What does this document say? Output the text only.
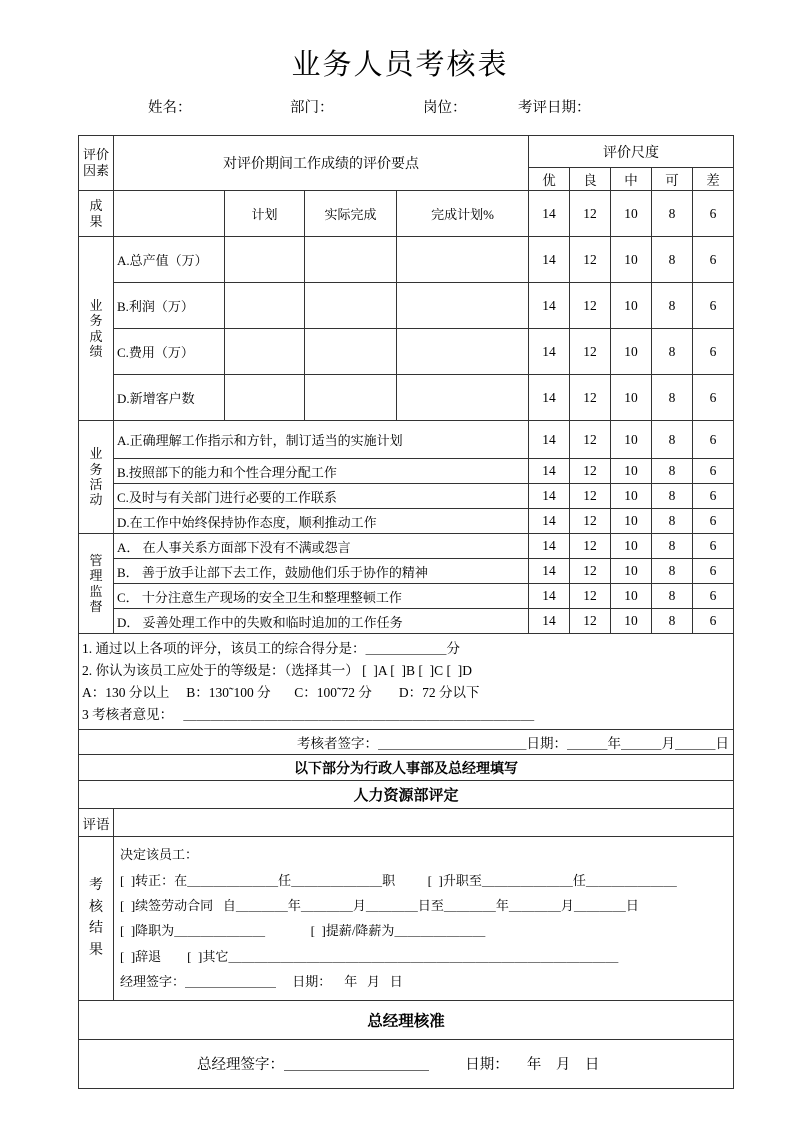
业务人员考核表
姓名：	部门：	岗位：	考评日期：
评价因素	对评价期间工作成绩的评价要点				评价尺度				
					优	良	中	可	差

成
果		计划	实际完成	完成计划%	14	12	10	8	6

业
务
成
绩	A.总产值（万）				14	12	10	8	6
	B.利润（万）				14	12	10	8	6
	C.费用（万）				14	12	10	8	6
	D.新增客户数				14	12	10	8	6

业
务
活
动	A.正确理解工作指示和方针，制订适当的实施计划				14	12	10	8	6
	B.按照部下的能力和个性合理分配工作				14	12	10	8	6
	C.及时与有关部门进行必要的工作联系				14	12	10	8	6
	D.在工作中始终保持协作态度，顺利推动工作				14	12	10	8	6

管
理
监
督	A． 在人事关系方面部下没有不满或怨言				14	12	10	8	6
	B． 善于放手让部下去工作，鼓励他们乐于协作的精神				14	12	10	8	6
	C． 十分注意生产现场的安全卫生和整理整顿工作				14	12	10	8	6
	D． 妥善处理工作中的失败和临时追加的工作任务				14	12	10	8	6

1. 通过以上各项的评分，该员工的综合得分是：＿＿＿＿＿＿分
2. 你认为该员工应处于的等级是：（选择其一） [  ]A [  ]B [  ]C [  ]D
A：130 分以上     B：130˜100 分       C：100˜72 分        D：72 分以下
3 考核者意见：   ＿＿＿＿＿＿＿＿＿＿＿＿＿＿＿＿＿＿＿＿＿＿＿＿＿＿									

考核者签字：＿＿＿＿＿＿＿＿＿＿＿日期：＿＿＿年＿＿＿月＿＿＿日									

以下部分为行政人事部及总经理填写									
人力资源部评定									
评语									
考 核 结 果	
决定该员工：
[  ]转正：在＿＿＿＿＿＿＿任＿＿＿＿＿＿＿职          [  ]升职至＿＿＿＿＿＿＿任＿＿＿＿＿＿＿
[  ]续签劳动合同   自＿＿＿＿年＿＿＿＿月＿＿＿＿日至＿＿＿＿年＿＿＿＿月＿＿＿＿日
[  ]降职为＿＿＿＿＿＿＿              [  ]提薪/降薪为＿＿＿＿＿＿＿
[  ]辞退        [  ]其它＿＿＿＿＿＿＿＿＿＿＿＿＿＿＿＿＿＿＿＿＿＿＿＿＿＿＿＿＿＿
经理签字：＿＿＿＿＿＿＿     日期：    年   月   日

总经理核准									

总经理签字：＿＿＿＿＿＿＿＿＿＿          日期：     年    月    日									
